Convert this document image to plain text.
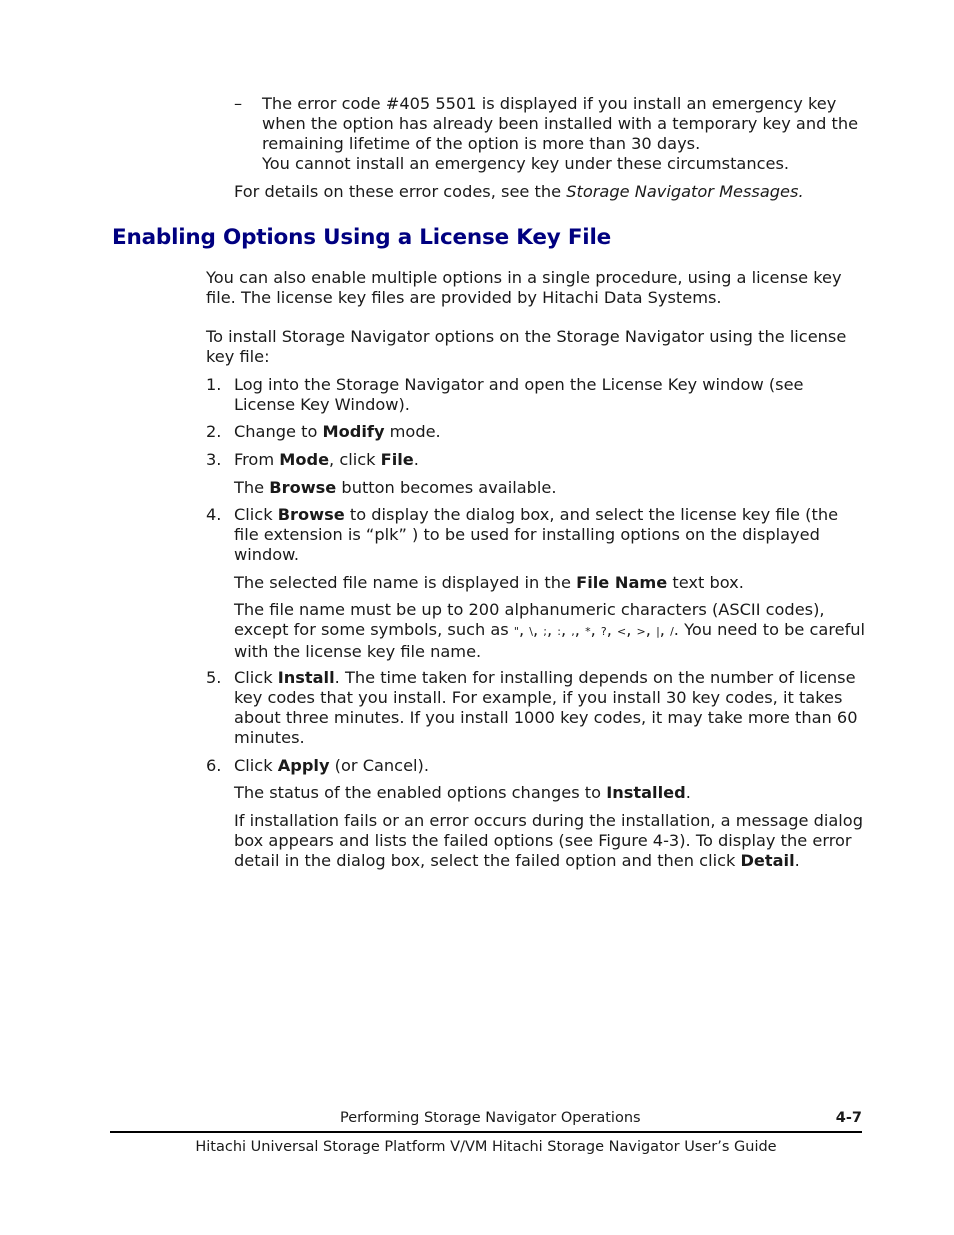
– The error code #405 5501 is displayed if you install an emergency key when the option has already been installed with a temporary key and the remaining lifetime of the option is more than 30 days.

You cannot install an emergency key under these circumstances.

For details on these error codes, see the Storage Navigator Messages.

Enabling Options Using a License Key File

You can also enable multiple options in a single procedure, using a license key file. The license key files are provided by Hitachi Data Systems.

To install Storage Navigator options on the Storage Navigator using the license key file:

1. Log into the Storage Navigator and open the License Key window (see License Key Window).

2. Change to Modify mode.

3. From Mode, click File.

The Browse button becomes available.

4. Click Browse to display the dialog box, and select the license key file (the file extension is “plk” ) to be used for installing options on the displayed window.

The selected file name is displayed in the File Name text box.

The file name must be up to 200 alphanumeric characters (ASCII codes), except for some symbols, such as ", \, ;, :, ,, *, ?, <, >, |, /. You need to be careful with the license key file name.

5. Click Install. The time taken for installing depends on the number of license key codes that you install. For example, if you install 30 key codes, it takes about three minutes. If you install 1000 key codes, it may take more than 60 minutes.

6. Click Apply (or Cancel).

The status of the enabled options changes to Installed.

If installation fails or an error occurs during the installation, a message dialog box appears and lists the failed options (see Figure 4-3). To display the error detail in the dialog box, select the failed option and then click Detail.

Performing Storage Navigator Operations	4-7
Hitachi Universal Storage Platform V/VM Hitachi Storage Navigator User’s Guide
